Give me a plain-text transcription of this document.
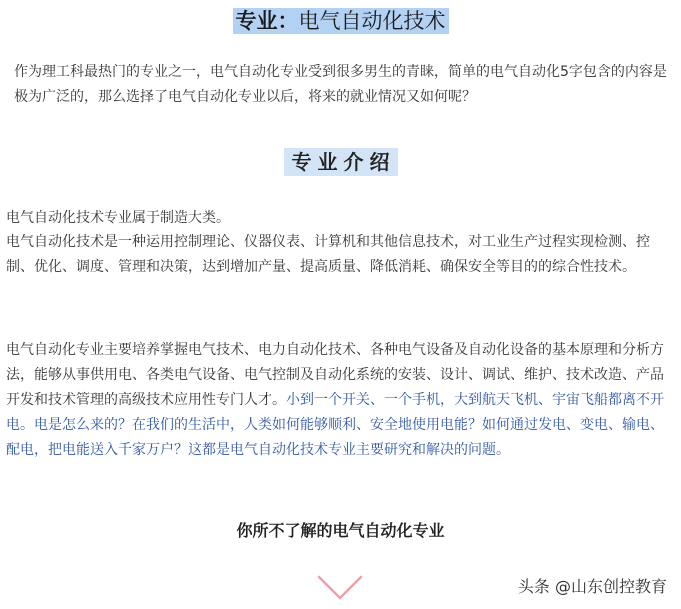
专业：电气自动化技术
作为理工科最热门的专业之一，电气自动化专业受到很多男生的青睐，简单的电气自动化5字包含的内容是极为广泛的，那么选择了电气自动化专业以后，将来的就业情况又如何呢？
专业介绍

电气自动化技术专业属于制造大类。

电气自动化技术是一种运用控制理论、仪器仪表、计算机和其他信息技术，对工业生产过程实现检测、控制、优化、调度、管理和决策，达到增加产量、提高质量、降低消耗、确保安全等目的的综合性技术。

电气自动化专业主要培养掌握电气技术、电力自动化技术、各种电气设备及自动化设备的基本原理和分析方法，能够从事供用电、各类电气设备、电气控制及自动化系统的安装、设计、调试、维护、技术改造、产品开发和技术管理的高级技术应用性专门人才。小到一个开关、一个手机，大到航天飞机、宇宙飞船都离不开电。电是怎么来的？在我们的生活中，人类如何能够顺利、安全地使用电能？如何通过发电、变电、输电、配电，把电能送入千家万户？这都是电气自动化技术专业主要研究和解决的问题。

你所不了解的电气自动化专业
头条 @山东创控教育
